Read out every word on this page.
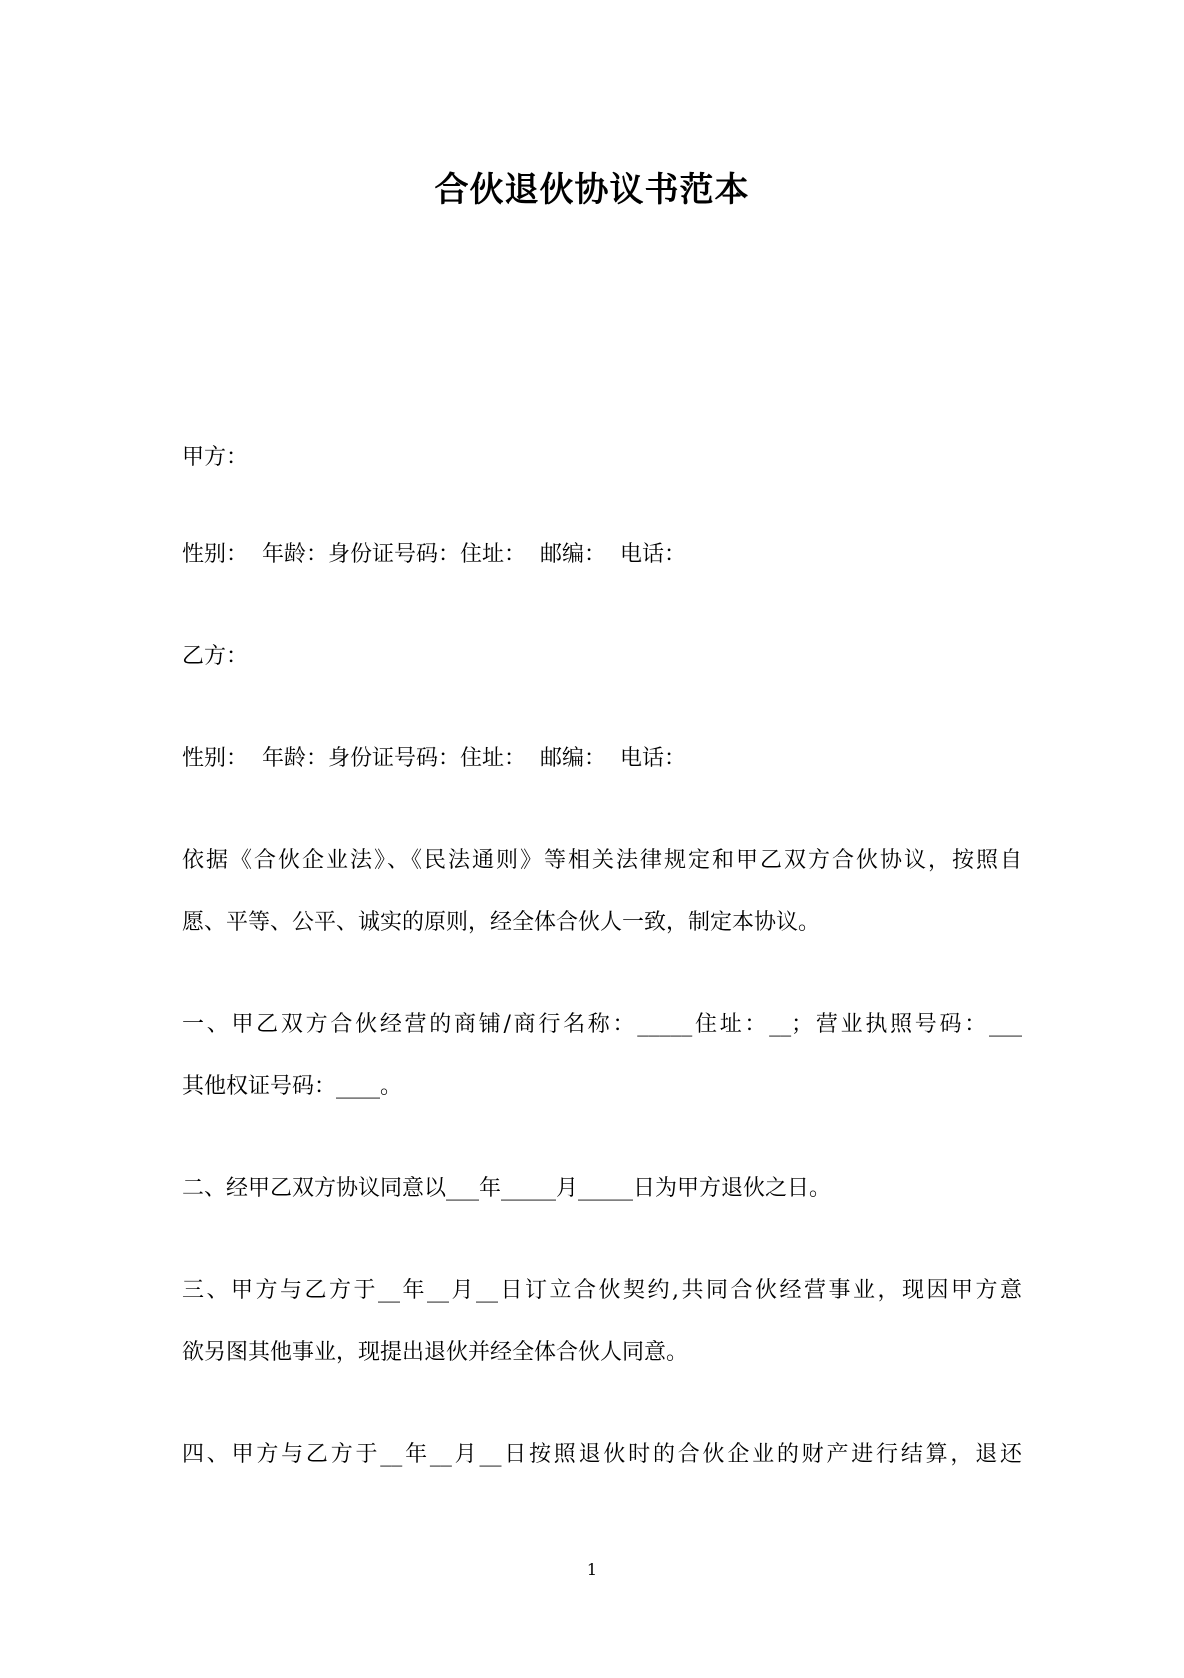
合伙退伙协议书范本
甲方：
性别：  年龄：身份证号码：住址：  邮编：  电话：
乙方：
性别：  年龄：身份证号码：住址：  邮编：  电话：
依据《合伙企业法》、《民法通则》等相关法律规定和甲乙双方合伙协议，按照自
愿、平等、公平、诚实的原则，经全体合伙人一致，制定本协议。
一、甲乙双方合伙经营的商铺/商行名称：_____住址：__；营业执照号码：___
其他权证号码：____。
二、经甲乙双方协议同意以___年_____月_____日为甲方退伙之日。
三、甲方与乙方于__年__月__日订立合伙契约,共同合伙经营事业，现因甲方意
欲另图其他事业，现提出退伙并经全体合伙人同意。
四、甲方与乙方于__年__月__日按照退伙时的合伙企业的财产进行结算，退还
1
